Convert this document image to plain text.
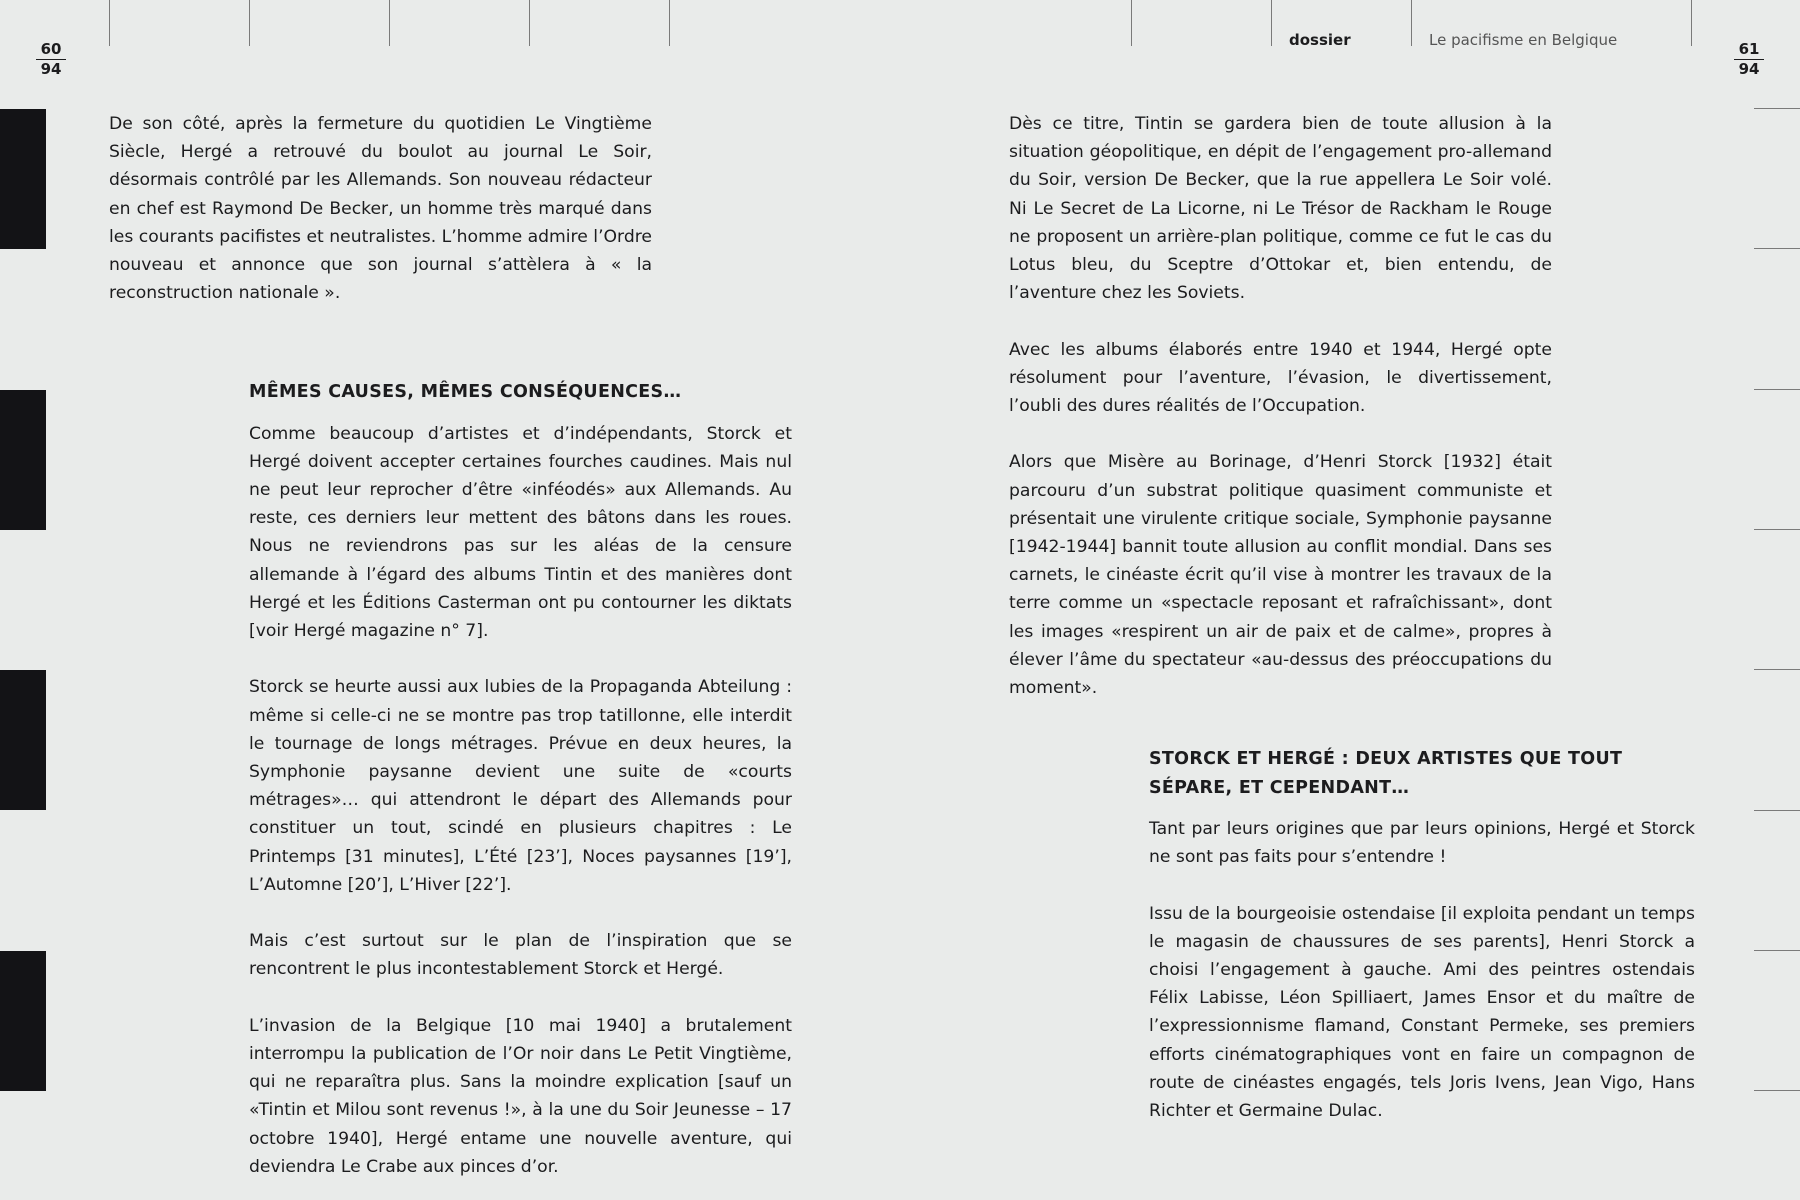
60
94
61
94
dossier	Le pacifisme en Belgique

De son côté, après la fermeture du quotidien Le Vingtième Siècle, Hergé a retrouvé du boulot au journal Le Soir, désormais contrôlé par les Allemands. Son nouveau rédacteur en chef est Raymond De Becker, un homme très marqué dans les courants pacifistes et neutralistes. L’homme admire l’Ordre nouveau et annonce que son journal s’attèlera à « la reconstruction nationale ».

MÊMES CAUSES, MÊMES CONSÉQUENCES…

Comme beaucoup d’artistes et d’indépendants, Storck et Hergé doivent accepter certaines fourches caudines. Mais nul ne peut leur reprocher d’être «inféodés» aux Allemands. Au reste, ces derniers leur mettent des bâtons dans les roues. Nous ne reviendrons pas sur les aléas de la censure allemande à l’égard des albums Tintin et des manières dont Hergé et les Éditions Casterman ont pu contourner les diktats [voir Hergé magazine n° 7].

Storck se heurte aussi aux lubies de la Propaganda Abteilung : même si celle-ci ne se montre pas trop tatillonne, elle interdit le tournage de longs métrages. Prévue en deux heures, la Symphonie paysanne devient une suite de «courts métrages»… qui attendront le départ des Allemands pour constituer un tout, scindé en plusieurs chapitres : Le Printemps [31 minutes], L’Été [23’], Noces paysannes [19’], L’Automne [20’], L’Hiver [22’].

Mais c’est surtout sur le plan de l’inspiration que se rencontrent le plus incontestablement Storck et Hergé.

L’invasion de la Belgique [10 mai 1940] a brutalement interrompu la publication de l’Or noir dans Le Petit Vingtième, qui ne reparaîtra plus. Sans la moindre explication [sauf un «Tintin et Milou sont revenus !», à la une du Soir Jeunesse – 17 octobre 1940], Hergé entame une nouvelle aventure, qui deviendra Le Crabe aux pinces d’or.

Dès ce titre, Tintin se gardera bien de toute allusion à la situation géopolitique, en dépit de l’engagement pro-allemand du Soir, version De Becker, que la rue appellera Le Soir volé. Ni Le Secret de La Licorne, ni Le Trésor de Rackham le Rouge ne proposent un arrière-plan politique, comme ce fut le cas du Lotus bleu, du Sceptre d’Ottokar et, bien entendu, de l’aventure chez les Soviets.

Avec les albums élaborés entre 1940 et 1944, Hergé opte résolument pour l’aventure, l’évasion, le divertissement, l’oubli des dures réalités de l’Occupation.

Alors que Misère au Borinage, d’Henri Storck [1932] était parcouru d’un substrat politique quasiment communiste et présentait une virulente critique sociale, Symphonie paysanne [1942-1944] bannit toute allusion au conflit mondial. Dans ses carnets, le cinéaste écrit qu’il vise à montrer les travaux de la terre comme un «spectacle reposant et rafraîchissant», dont les images «respirent un air de paix et de calme», propres à élever l’âme du spectateur «au-dessus des préoccupations du moment».

STORCK ET HERGÉ : DEUX ARTISTES QUE TOUT SÉPARE, ET CEPENDANT…

Tant par leurs origines que par leurs opinions, Hergé et Storck ne sont pas faits pour s’entendre !

Issu de la bourgeoisie ostendaise [il exploita pendant un temps le magasin de chaussures de ses parents], Henri Storck a choisi l’engagement à gauche. Ami des peintres ostendais Félix Labisse, Léon Spilliaert, James Ensor et du maître de l’expressionnisme flamand, Constant Permeke, ses premiers efforts cinématographiques vont en faire un compagnon de route de cinéastes engagés, tels Joris Ivens, Jean Vigo, Hans Richter et Germaine Dulac.
